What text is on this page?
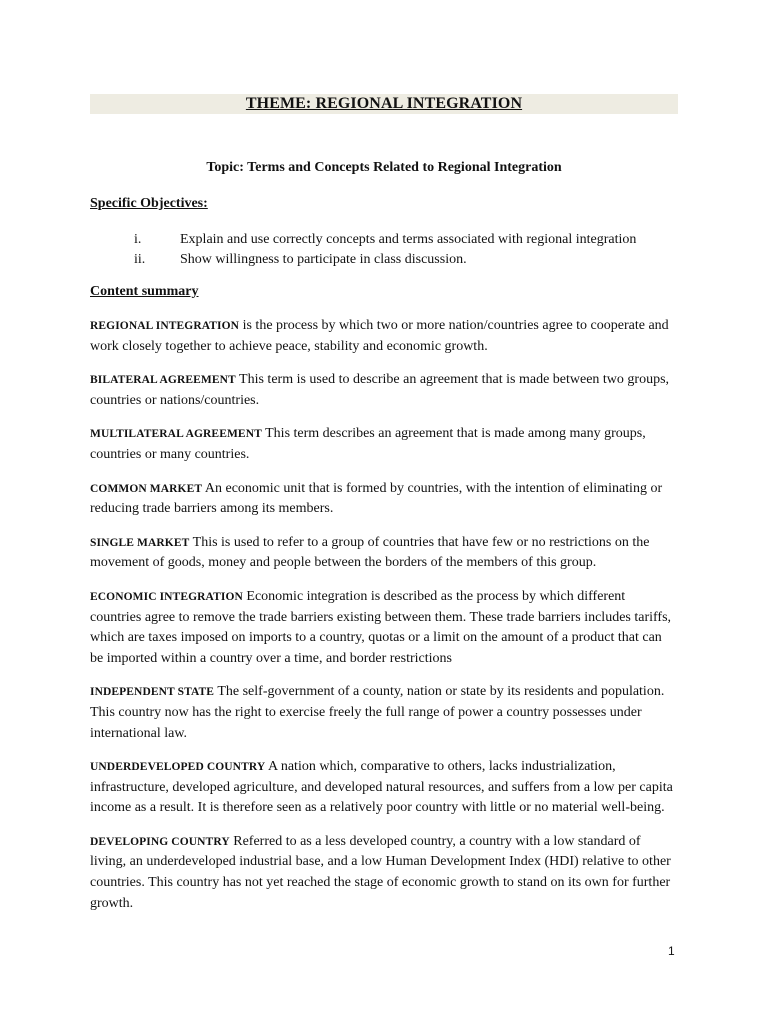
THEME: REGIONAL INTEGRATION
Topic: Terms and Concepts Related to Regional Integration
Specific Objectives:
i.	Explain and use correctly concepts and terms associated with regional integration
ii.	Show willingness to participate in class discussion.
Content summary

REGIONAL INTEGRATION is the process by which two or more nation/countries agree to cooperate and work closely together to achieve peace, stability and economic growth.

BILATERAL AGREEMENT This term is used to describe an agreement that is made between two groups, countries or nations/countries.

MULTILATERAL AGREEMENT This term describes an agreement that is made among many groups, countries or many countries.

COMMON MARKET An economic unit that is formed by countries, with the intention of eliminating or reducing trade barriers among its members.

SINGLE MARKET This is used to refer to a group of countries that have few or no restrictions on the movement of goods, money and people between the borders of the members of this group.

ECONOMIC INTEGRATION Economic integration is described as the process by which different countries agree to remove the trade barriers existing between them. These trade barriers includes tariffs, which are taxes imposed on imports to a country, quotas or a limit on the amount of a product that can be imported within a country over a time, and border restrictions

INDEPENDENT STATE The self-government of a county, nation or state by its residents and population. This country now has the right to exercise freely the full range of power a country possesses under international law.

UNDERDEVELOPED COUNTRY A nation which, comparative to others, lacks industrialization, infrastructure, developed agriculture, and developed natural resources, and suffers from a low per capita income as a result. It is therefore seen as a relatively poor country with little or no material well-being.

DEVELOPING COUNTRY Referred to as a less developed country, a country with a low standard of living, an underdeveloped industrial base, and a low Human Development Index (HDI) relative to other countries. This country has not yet reached the stage of economic growth to stand on its own for further growth.

1
